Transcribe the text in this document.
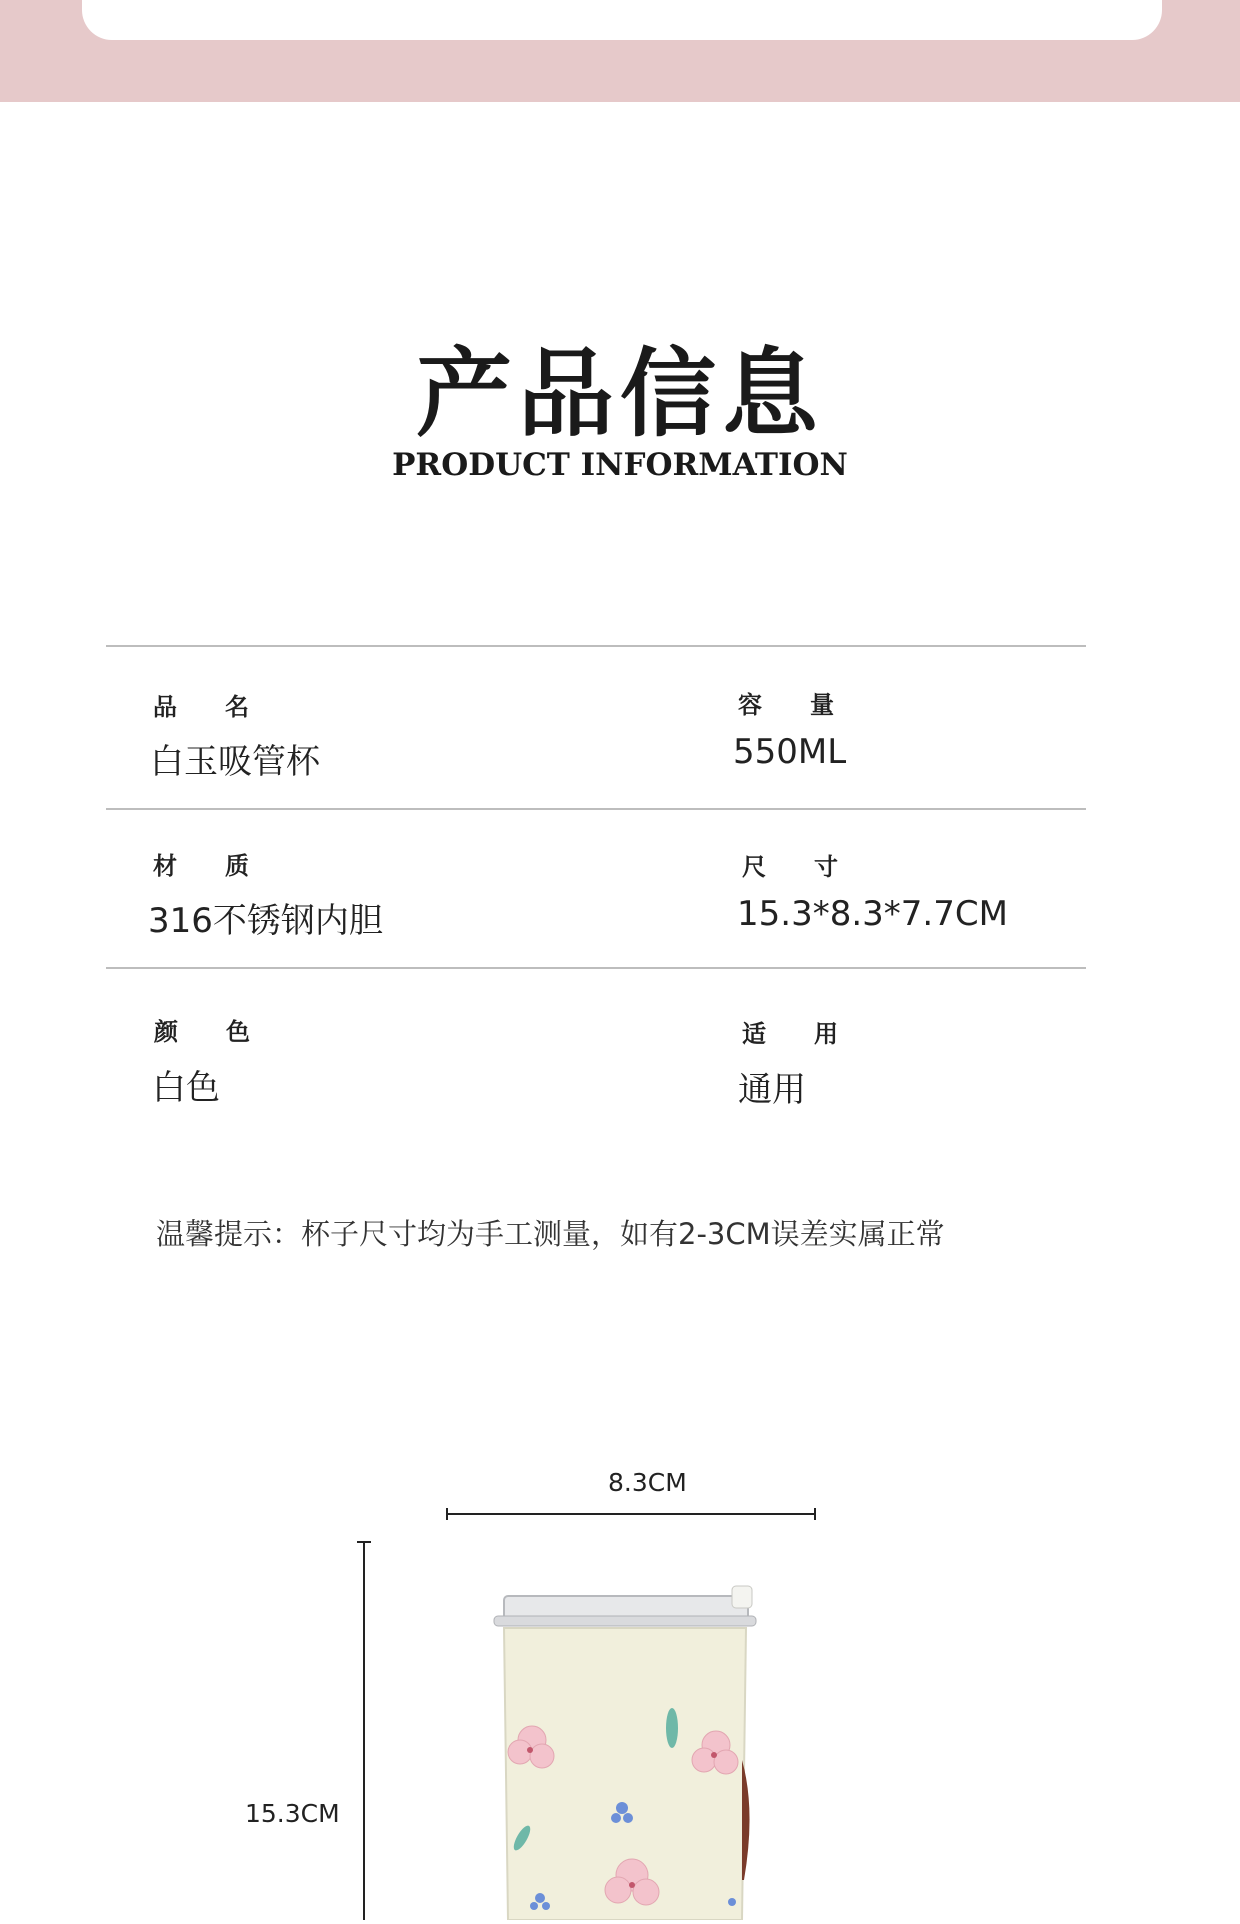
产品信息
PRODUCT INFORMATION
品　　名
白玉吸管杯
容　　量
550ML
材　　质
316不锈钢内胆
尺　　寸
15.3*8.3*7.7CM
颜　　色
白色
适　　用
通用
温馨提示：杯子尺寸均为手工测量，如有2-3CM误差实属正常
8.3CM
15.3CM
